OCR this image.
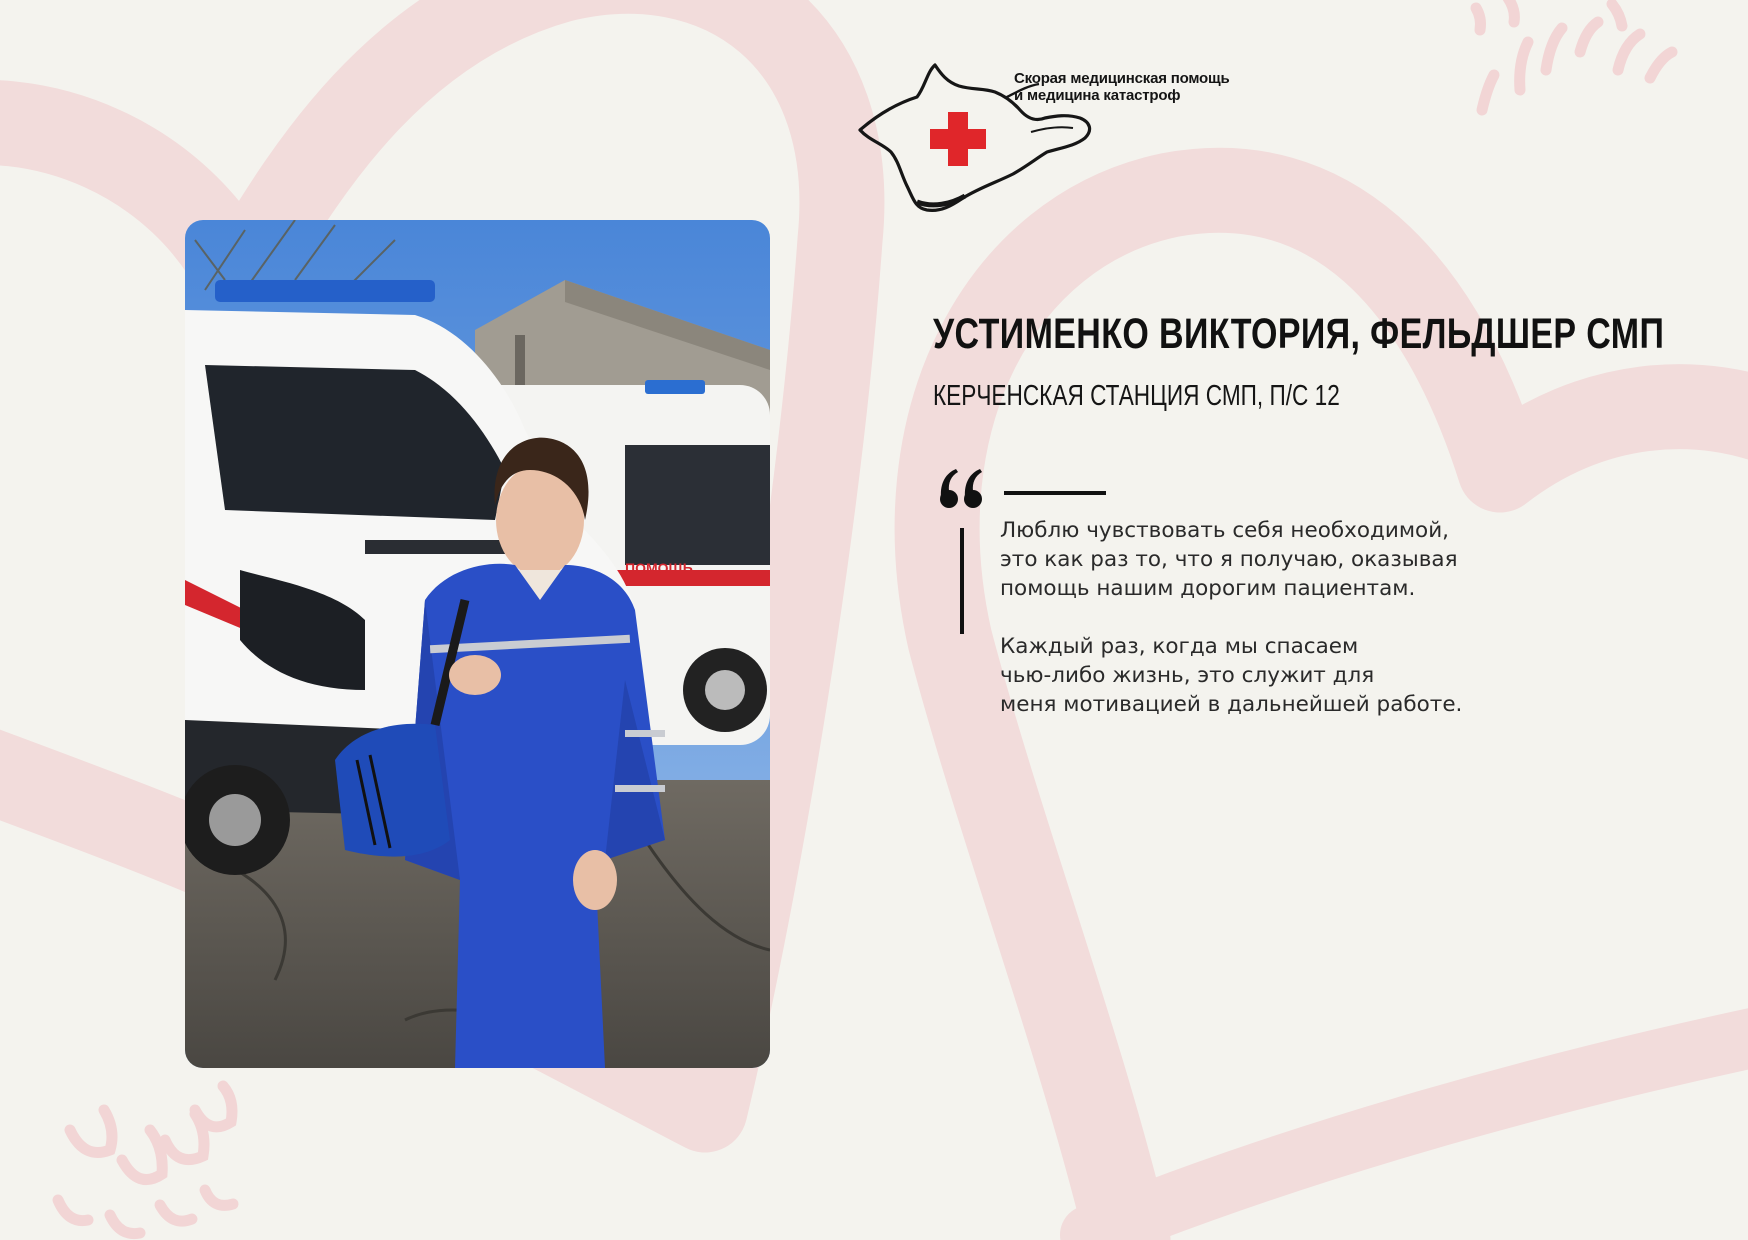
Скорая медицинская помощь
и медицина катастроф
ПОМОЩЬ
УСТИМЕНКО ВИКТОРИЯ, ФЕЛЬДШЕР СМП
КЕРЧЕНСКАЯ СТАНЦИЯ СМП, П/С 12

Люблю чувствовать себя необходимой,
это как раз то, что я получаю, оказывая
помощь нашим дорогим пациентам.

Каждый раз, когда мы спасаем
чью-либо жизнь, это служит для
меня мотивацией в дальнейшей работе.
